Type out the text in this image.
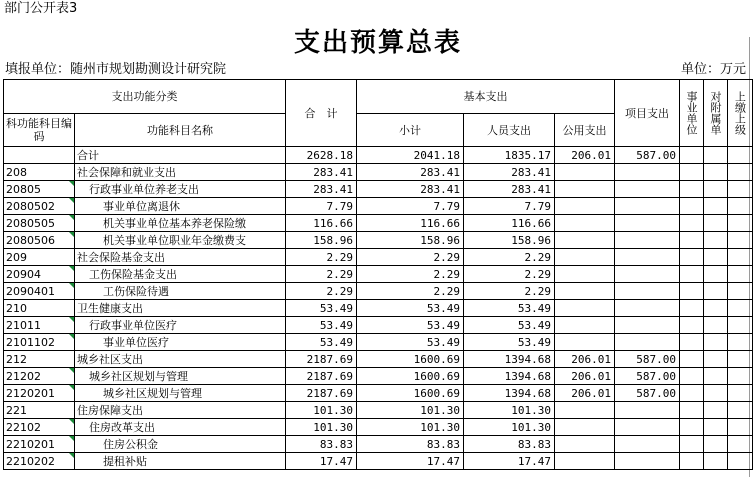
部门公开表3
支出预算总表
填报单位：随州市规划勘测设计研究院	单位：万元
支出功能分类		合　计	基本支出			项目支出	事业单位	对附属单	上缴上级

科功能科目编码	功能科目名称		小计	人员支出	公用支出				
	合计	2628.18	2041.18	1835.17	206.01	587.00			
208	社会保障和就业支出	283.41	283.41	283.41					
20805	行政事业单位养老支出	283.41	283.41	283.41					
2080502	事业单位离退休	7.79	7.79	7.79					
2080505	机关事业单位基本养老保险缴	116.66	116.66	116.66					
2080506	机关事业单位职业年金缴费支	158.96	158.96	158.96					
209	社会保险基金支出	2.29	2.29	2.29					
20904	工伤保险基金支出	2.29	2.29	2.29					
2090401	工伤保险待遇	2.29	2.29	2.29					
210	卫生健康支出	53.49	53.49	53.49					
21011	行政事业单位医疗	53.49	53.49	53.49					
2101102	事业单位医疗	53.49	53.49	53.49					
212	城乡社区支出	2187.69	1600.69	1394.68	206.01	587.00			
21202	城乡社区规划与管理	2187.69	1600.69	1394.68	206.01	587.00			
2120201	城乡社区规划与管理	2187.69	1600.69	1394.68	206.01	587.00			
221	住房保障支出	101.30	101.30	101.30					
22102	住房改革支出	101.30	101.30	101.30					
2210201	住房公积金	83.83	83.83	83.83					
2210202	提租补贴	17.47	17.47	17.47					
